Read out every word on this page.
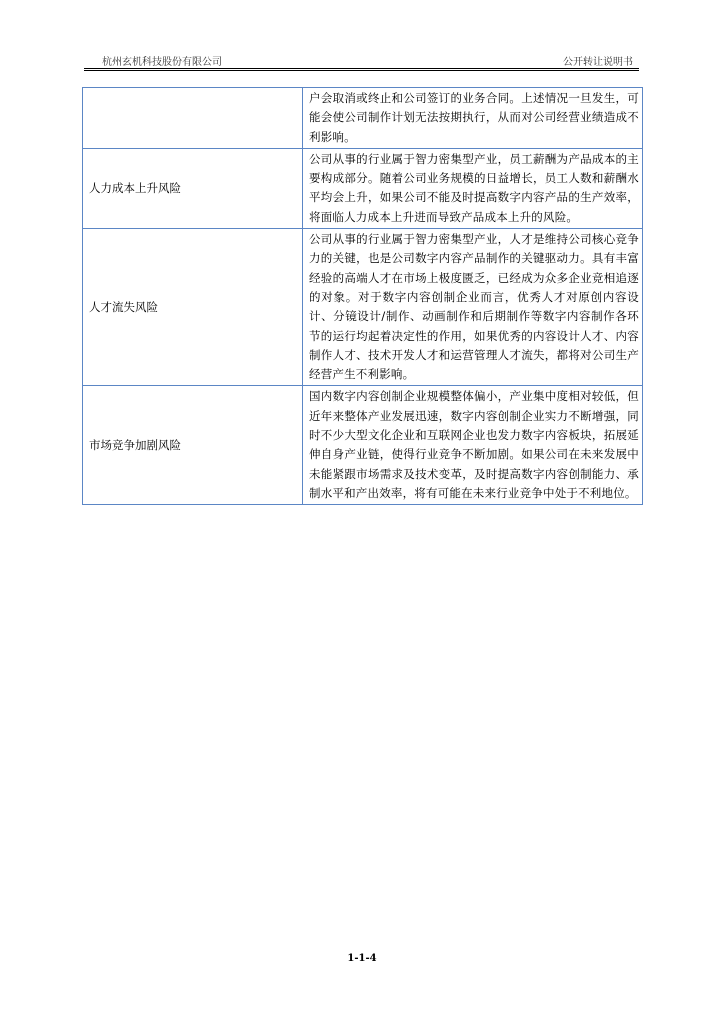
杭州玄机科技股份有限公司	公开转让说明书
	户会取消或终止和公司签订的业务合同。上述情况一旦发生，可能会使公司制作计划无法按期执行，从而对公司经营业绩造成不利影响。
人力成本上升风险	公司从事的行业属于智力密集型产业，员工薪酬为产品成本的主要构成部分。随着公司业务规模的日益增长，员工人数和薪酬水平均会上升，如果公司不能及时提高数字内容产品的生产效率，将面临人力成本上升进而导致产品成本上升的风险。
人才流失风险	公司从事的行业属于智力密集型产业，人才是维持公司核心竞争力的关键，也是公司数字内容产品制作的关键驱动力。具有丰富经验的高端人才在市场上极度匮乏，已经成为众多企业竞相追逐的对象。对于数字内容创制企业而言，优秀人才对原创内容设计、分镜设计/制作、动画制作和后期制作等数字内容制作各环节的运行均起着决定性的作用，如果优秀的内容设计人才、内容制作人才、技术开发人才和运营管理人才流失，都将对公司生产经营产生不利影响。
市场竞争加剧风险	国内数字内容创制企业规模整体偏小，产业集中度相对较低，但近年来整体产业发展迅速，数字内容创制企业实力不断增强，同时不少大型文化企业和互联网企业也发力数字内容板块，拓展延伸自身产业链，使得行业竞争不断加剧。如果公司在未来发展中未能紧跟市场需求及技术变革，及时提高数字内容创制能力、承制水平和产出效率，将有可能在未来行业竞争中处于不利地位。
1-1-4
